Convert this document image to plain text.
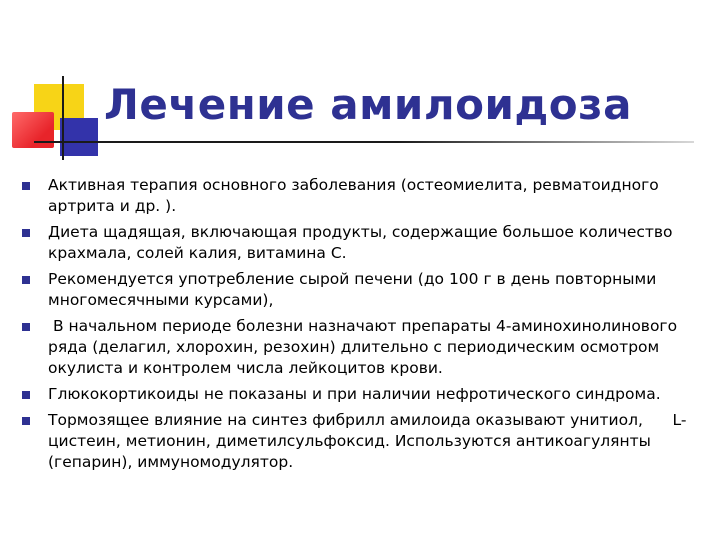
Лечение амилоидоза
Активная терапия основного заболевания (остеомиелита, ревматоидного артрита и др. ).
Диета щадящая, включающая продукты, содержащие большое количество крахмала, солей калия, витамина С.
Рекомендуется употребление сырой печени (до 100 г в день повторными многомесячными курсами),
В начальном периоде болезни назначают препараты 4-аминохинолинового ряда (делагил, хлорохин, резохин) длительно с периодическим осмотром окулиста и контролем числа лейкоцитов крови.
Глюкокортикоиды не показаны и при наличии нефротического синдрома.
Тормозящее влияние на синтез фибрилл амилоида оказывают унитиол,      L-цистеин, метионин, диметилсульфоксид. Используются антикоагулянты (гепарин), иммуномодулятор.
